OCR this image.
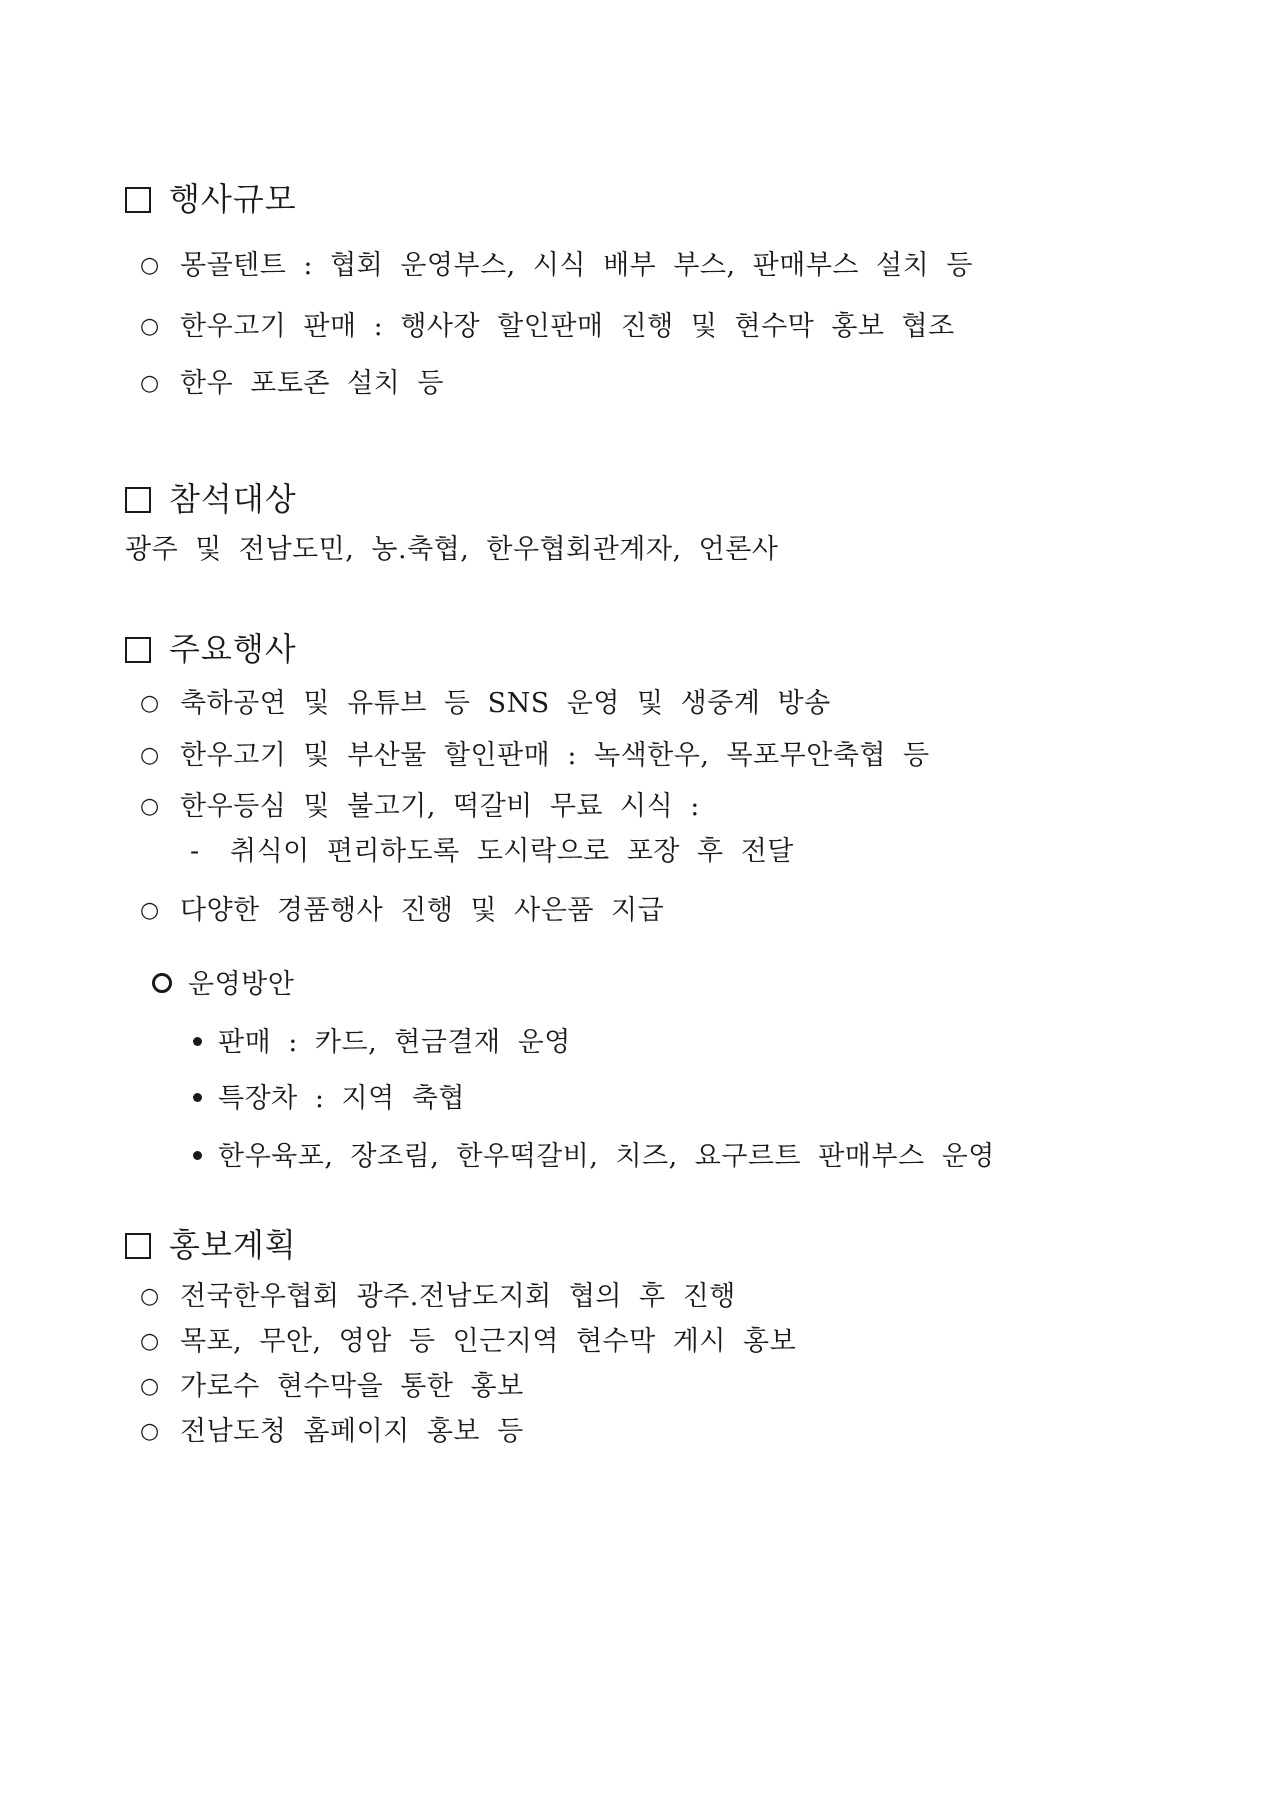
행사규모
○ 몽골텐트 : 협회 운영부스, 시식 배부 부스, 판매부스 설치 등
○ 한우고기 판매 : 행사장 할인판매 진행 및 현수막 홍보 협조
○ 한우 포토존 설치 등
참석대상
광주 및 전남도민, 농.축협, 한우협회관계자, 언론사
주요행사
○ 축하공연 및 유튜브 등 SNS 운영 및 생중계 방송
○ 한우고기 및 부산물 할인판매 : 녹색한우, 목포무안축협 등
○ 한우등심 및 불고기, 떡갈비 무료 시식 :
- 취식이 편리하도록 도시락으로 포장 후 전달
○ 다양한 경품행사 진행 및 사은품 지급
운영방안
판매 : 카드, 현금결재 운영
특장차 : 지역 축협
한우육포, 장조림, 한우떡갈비, 치즈, 요구르트 판매부스 운영
홍보계획
○ 전국한우협회 광주.전남도지회 협의 후 진행
○ 목포, 무안, 영암 등 인근지역 현수막 게시 홍보
○ 가로수 현수막을 통한 홍보
○ 전남도청 홈페이지 홍보 등
